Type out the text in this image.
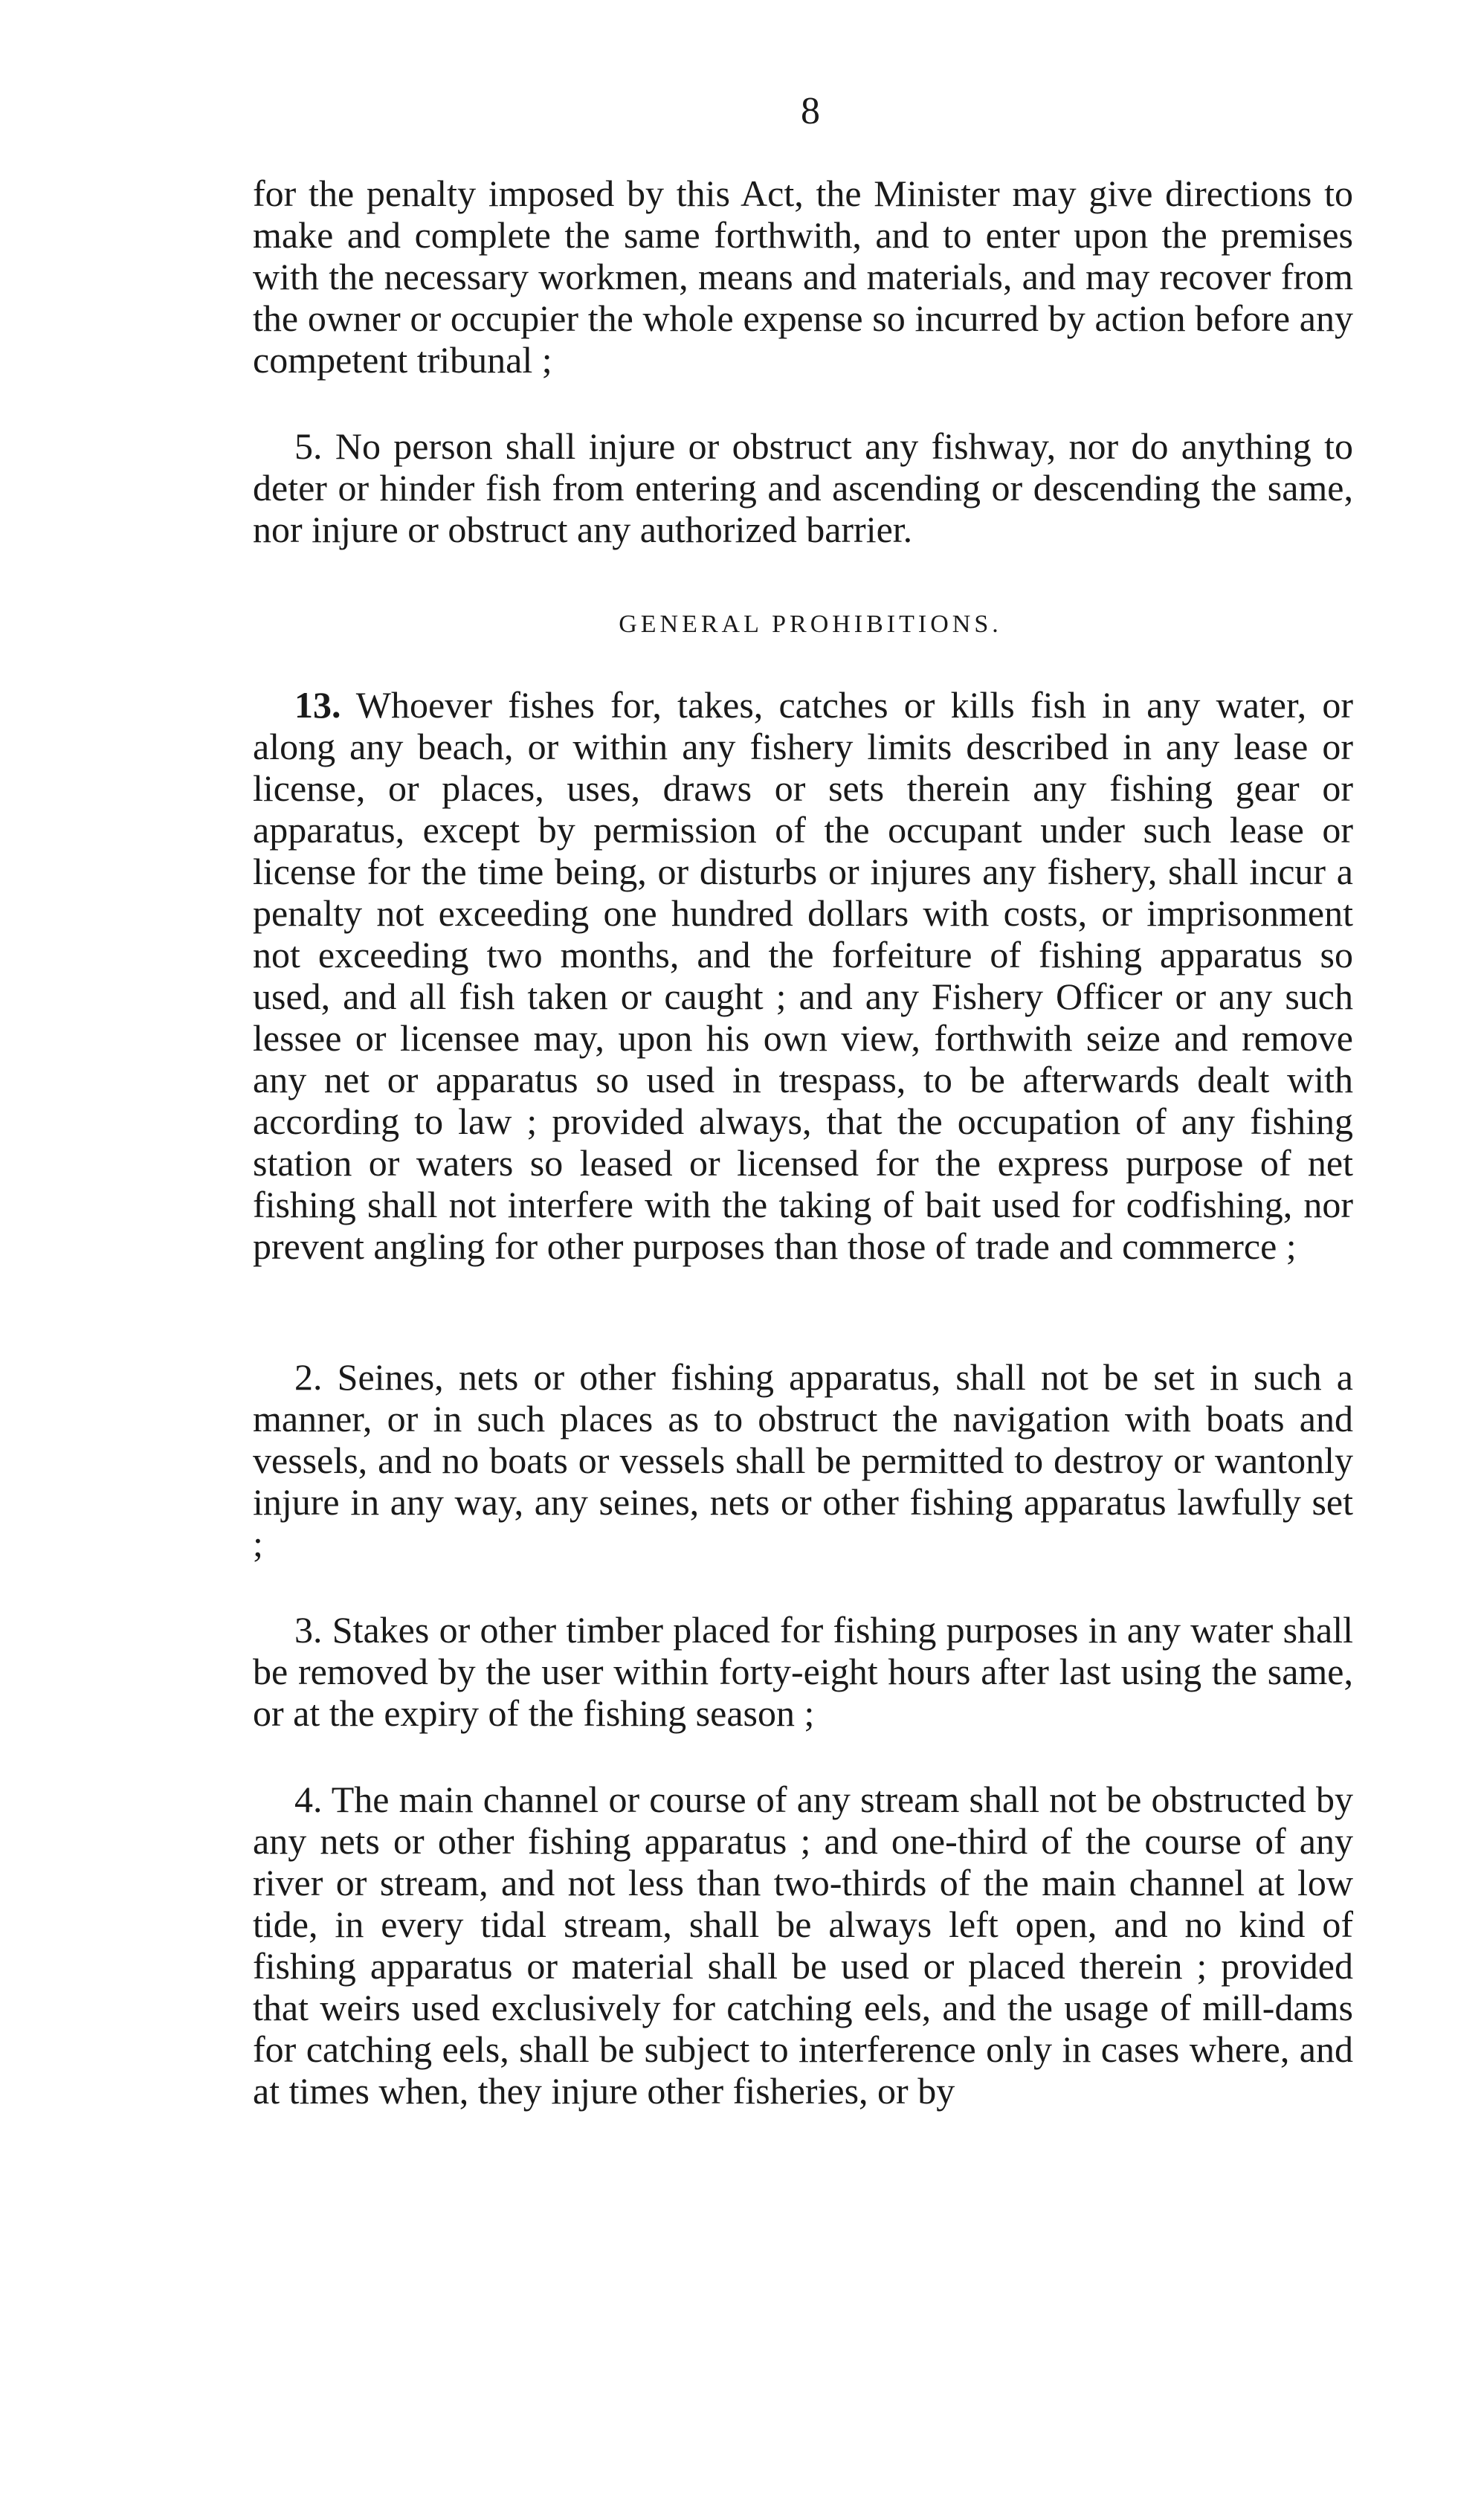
8

for the penalty imposed by this Act, the Minister may give directions to make and complete the same forthwith, and to enter upon the premises with the necessary workmen, means and materials, and may recover from the owner or occupier the whole expense so incurred by action before any competent tribunal ;

5. No person shall injure or obstruct any fishway, nor do anything to deter or hinder fish from entering and ascending or descending the same, nor injure or obstruct any authorized barrier.

GENERAL PROHIBITIONS.

13. Whoever fishes for, takes, catches or kills fish in any water, or along any beach, or within any fishery limits described in any lease or license, or places, uses, draws or sets therein any fishing gear or apparatus, except by permission of the occupant under such lease or license for the time being, or disturbs or injures any fishery, shall incur a penalty not exceeding one hundred dollars with costs, or imprisonment not exceeding two months, and the forfeiture of fishing apparatus so used, and all fish taken or caught ; and any Fishery Officer or any such lessee or licensee may, upon his own view, forthwith seize and remove any net or apparatus so used in trespass, to be afterwards dealt with according to law ; provided always, that the occupation of any fishing station or waters so leased or licensed for the express purpose of net fishing shall not interfere with the taking of bait used for codfishing, nor prevent angling for other purposes than those of trade and commerce ;

2. Seines, nets or other fishing apparatus, shall not be set in such a manner, or in such places as to obstruct the navigation with boats and vessels, and no boats or vessels shall be permitted to destroy or wantonly injure in any way, any seines, nets or other fishing apparatus lawfully set ;

3. Stakes or other timber placed for fishing purposes in any water shall be removed by the user within forty-eight hours after last using the same, or at the expiry of the fishing season ;

4. The main channel or course of any stream shall not be obstructed by any nets or other fishing apparatus ; and one-third of the course of any river or stream, and not less than two-thirds of the main channel at low tide, in every tidal stream, shall be always left open, and no kind of fishing apparatus or material shall be used or placed therein ; provided that weirs used exclusively for catching eels, and the usage of mill-dams for catching eels, shall be subject to interference only in cases where, and at times when, they injure other fisheries, or by
